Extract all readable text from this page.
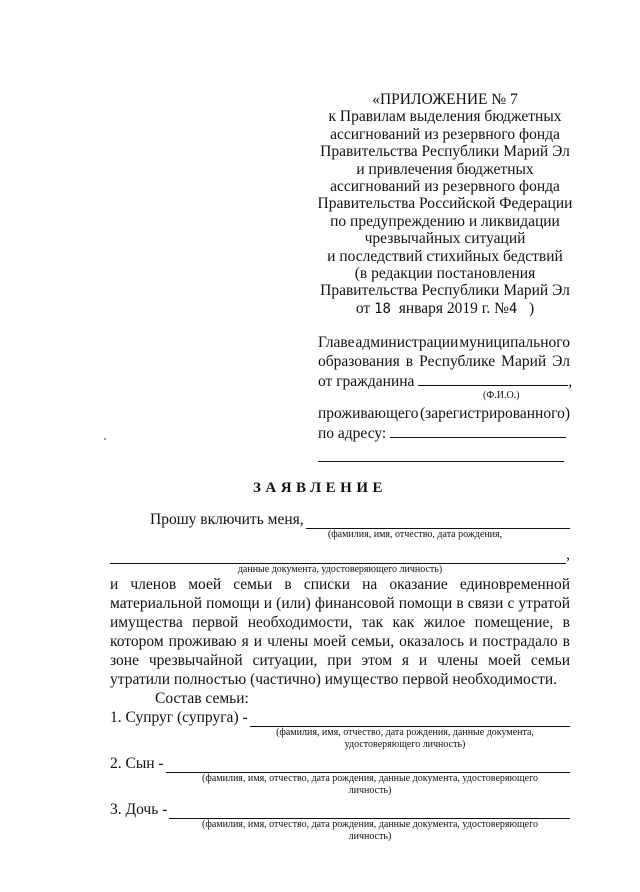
«ПРИЛОЖЕНИЕ № 7
к Правилам выделения бюджетных
ассигнований из резервного фонда
Правительства Республики Марий Эл
и привлечения бюджетных
ассигнований из резервного фонда
Правительства Российской Федерации
по предупреждению и ликвидации
чрезвычайных ситуаций
и последствий стихийных бедствий
(в редакции постановления
Правительства Республики Марий Эл
от 18 января 2019 г. №4 )
Главе администрации муниципального
образования в Республике Марий Эл
от гражданина	,
(Ф.И.О.)
проживающего (зарегистрированного)
по адресу:
ЗАЯВЛЕНИЕ
Прошу включить меня,
(фамилия, имя, отчество, дата рождения,
,
данные документа, удостоверяющего личность)
и членов моей семьи в списки на оказание единовременной материальной помощи и (или) финансовой помощи в связи с утратой имущества первой необходимости, так как жилое помещение, в котором проживаю я и члены моей семьи, оказалось и пострадало в зоне чрезвычайной ситуации, при этом я и члены моей семьи утратили полностью (частично) имущество первой необходимости.
Состав семьи:
1. Супруг (супруга) -
(фамилия, имя, отчество, дата рождения, данные документа,
удостоверяющего личность)
2. Сын -
(фамилия, имя, отчество, дата рождения, данные документа, удостоверяющего
личность)
3. Дочь -
(фамилия, имя, отчество, дата рождения, данные документа, удостоверяющего
личность)
